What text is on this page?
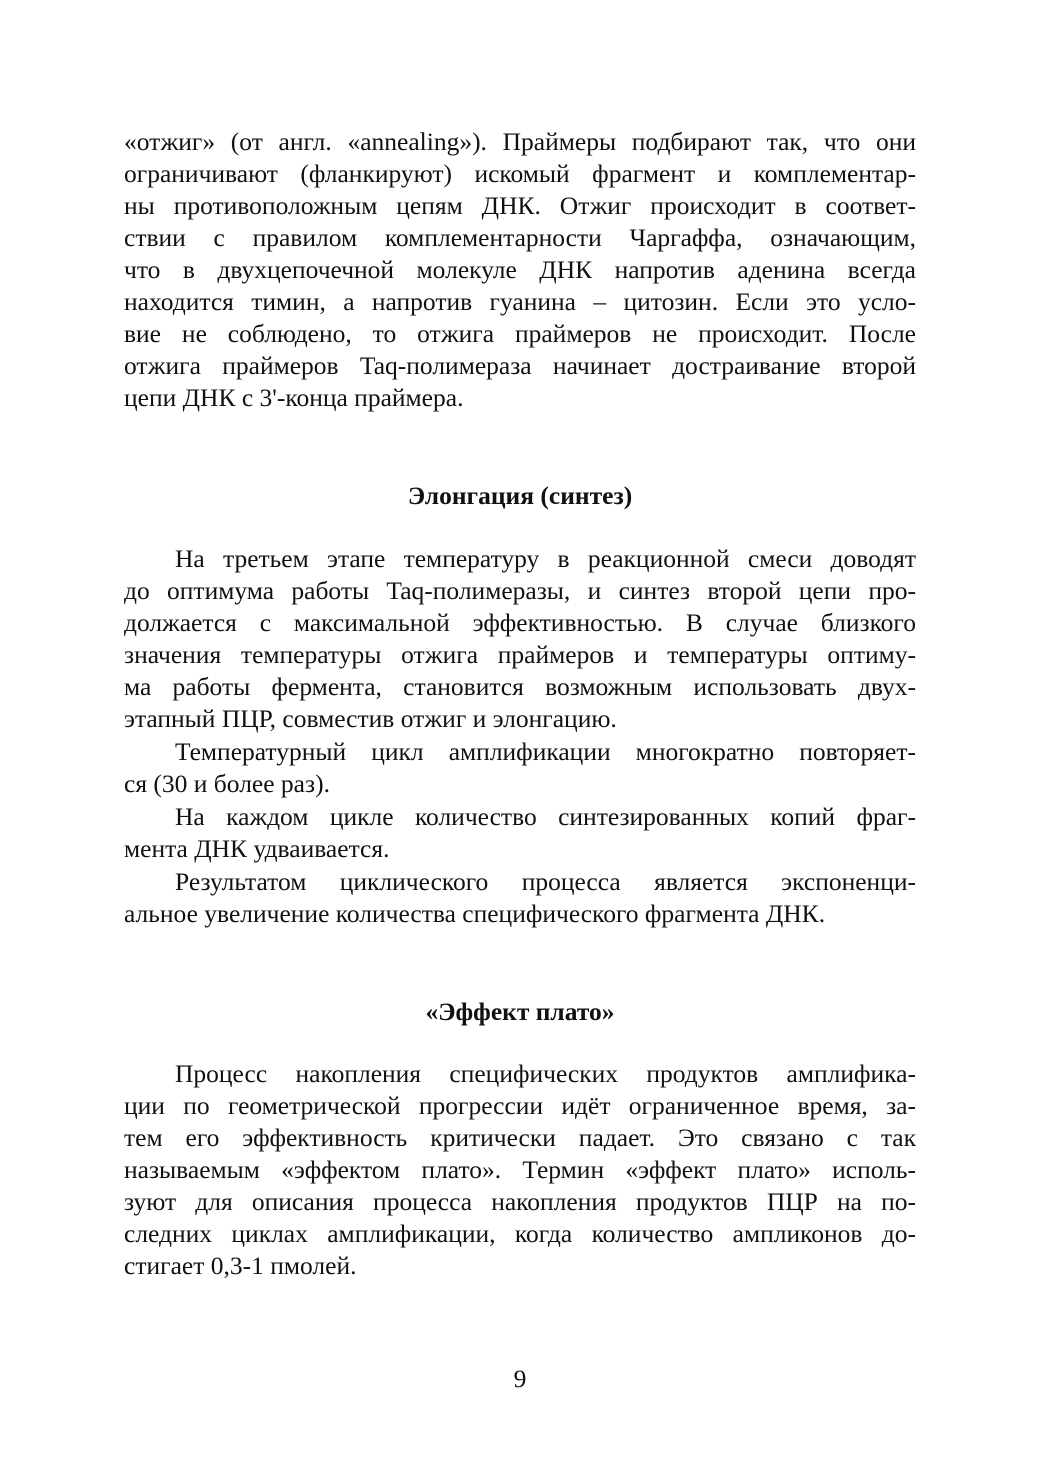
«отжиг» (от англ. «annealing»). Праймеры подбирают так, что они
ограничивают (фланкируют) искомый фрагмент и комплементар-
ны противоположным цепям ДНК. Отжиг происходит в соответ-
ствии с правилом комплементарности Чаргаффа, означающим,
что в двухцепочечной молекуле ДНК напротив аденина всегда
находится тимин, а напротив гуанина – цитозин. Если это усло-
вие не соблюдено, то отжига праймеров не происходит. После
отжига праймеров Taq-полимераза начинает достраивание второй
цепи ДНК с 3'-конца праймера.
Элонгация (синтез)
На третьем этапе температуру в реакционной смеси доводят
до оптимума работы Taq-полимеразы, и синтез второй цепи про-
должается с максимальной эффективностью. В случае близкого
значения температуры отжига праймеров и температуры оптиму-
ма работы фермента, становится возможным использовать двух-
этапный ПЦР, совместив отжиг и элонгацию.
Температурный цикл амплификации многократно повторяет-
ся (30 и более раз).
На каждом цикле количество синтезированных копий фраг-
мента ДНК удваивается.
Результатом циклического процесса является экспоненци-
альное увеличение количества специфического фрагмента ДНК.
«Эффект плато»
Процесс накопления специфических продуктов амплифика-
ции по геометрической прогрессии идёт ограниченное время, за-
тем его эффективность критически падает. Это связано с так
называемым «эффектом плато». Термин «эффект плато» исполь-
зуют для описания процесса накопления продуктов ПЦР на по-
следних циклах амплификации, когда количество ампликонов до-
стигает 0,3-1 пмолей.
9
